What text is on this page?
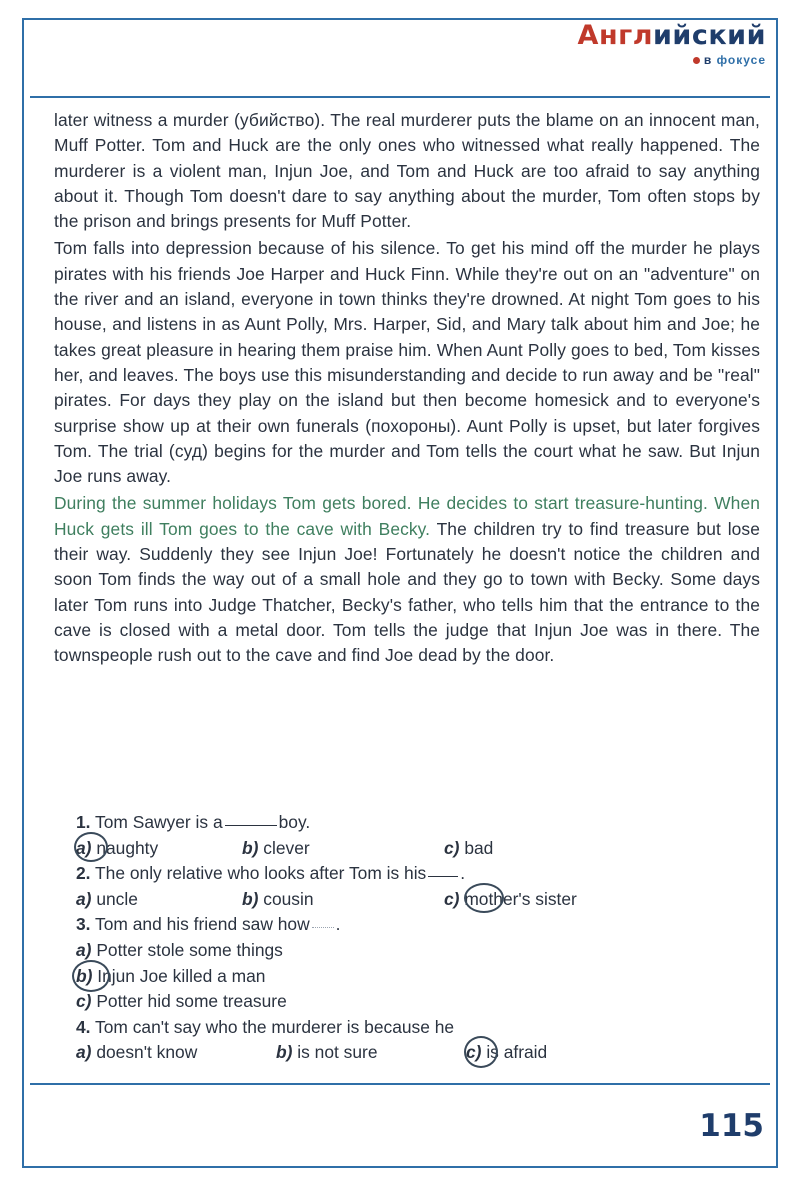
Английский
в фокусе

later witness a murder (убийство). The real murderer puts the blame on an innocent man, Muff Potter. Tom and Huck are the only ones who witnessed what really happened. The murderer is a violent man, Injun Joe, and Tom and Huck are too afraid to say anything about it. Though Tom doesn't dare to say anything about the murder, Tom often stops by the prison and brings presents for Muff Potter.

Tom falls into depression because of his silence. To get his mind off the murder he plays pirates with his friends Joe Harper and Huck Finn. While they're out on an "adventure" on the river and an island, everyone in town thinks they're drowned. At night Tom goes to his house, and listens in as Aunt Polly, Mrs. Harper, Sid, and Mary talk about him and Joe; he takes great pleasure in hearing them praise him. When Aunt Polly goes to bed, Tom kisses her, and leaves. The boys use this misunderstanding and decide to run away and be "real" pirates. For days they play on the island but then become homesick and to everyone's surprise show up at their own funerals (похороны). Aunt Polly is upset, but later forgives Tom. The trial (суд) begins for the murder and Tom tells the court what he saw. But Injun Joe runs away.

During the summer holidays Tom gets bored. He decides to start treasure-hunting. When Huck gets ill Tom goes to the cave with Becky. The children try to find treasure but lose their way. Suddenly they see Injun Joe! Fortunately he doesn't notice the children and soon Tom finds the way out of a small hole and they go to town with Becky. Some days later Tom runs into Judge Thatcher, Becky's father, who tells him that the entrance to the cave is closed with a metal door. Tom tells the judge that Injun Joe was in there. The townspeople rush out to the cave and find Joe dead by the door.

1. Tom Sawyer is a	boy.
a) naughty	b) clever	c) bad
2. The only relative who looks after Tom is his .
a) uncle	b) cousin	c) mother's sister
3. Tom and his friend saw how .
a) Potter stole some things
b) Injun Joe killed a man
c) Potter hid some treasure
4. Tom can't say who the murderer is because he
a) doesn't know	b) is not sure	c) is afraid
115
